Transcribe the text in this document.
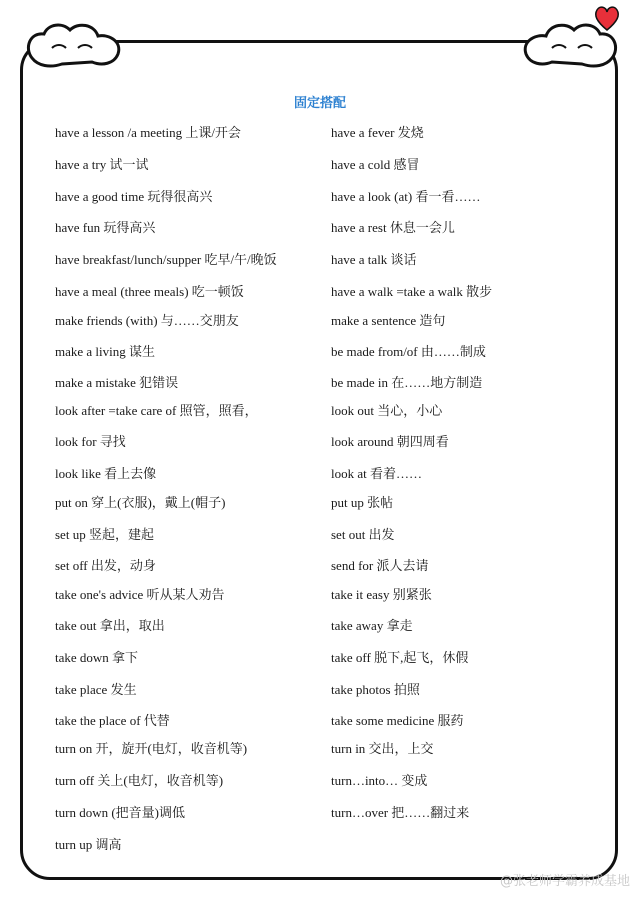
固定搭配
@张老师学霸养成基地
have a lesson /a meeting 上课/开会
have a try 试一试
have a good time 玩得很高兴
have fun 玩得高兴
have breakfast/lunch/supper 吃早/午/晚饭
have a meal (three meals) 吃一顿饭
make friends (with) 与……交朋友
make a living 谋生
make a mistake 犯错误
look after =take care of 照管，照看，
look for 寻找
look like 看上去像
put on 穿上(衣服)，戴上(帽子)
set up 竖起，建起
set off 出发，动身
take one's advice 听从某人劝告
take out 拿出，取出
take down 拿下
take place 发生
take the place of 代替
turn on 开，旋开(电灯，收音机等)
turn off 关上(电灯，收音机等)
turn down (把音量)调低
turn up 调高
have a fever 发烧
have a cold 感冒
have a look (at) 看一看……
have a rest 休息一会儿
have a talk 谈话
have a walk =take a walk 散步
make a sentence 造句
be made from/of 由……制成
be made in 在……地方制造
look out 当心，小心
look around 朝四周看
look at 看着……
put up 张帖
set out 出发
send for 派人去请
take it easy 别紧张
take away 拿走
take off 脱下,起飞，休假
take photos 拍照
take some medicine 服药
turn in 交出，上交
turn…into… 变成
turn…over 把……翻过来
